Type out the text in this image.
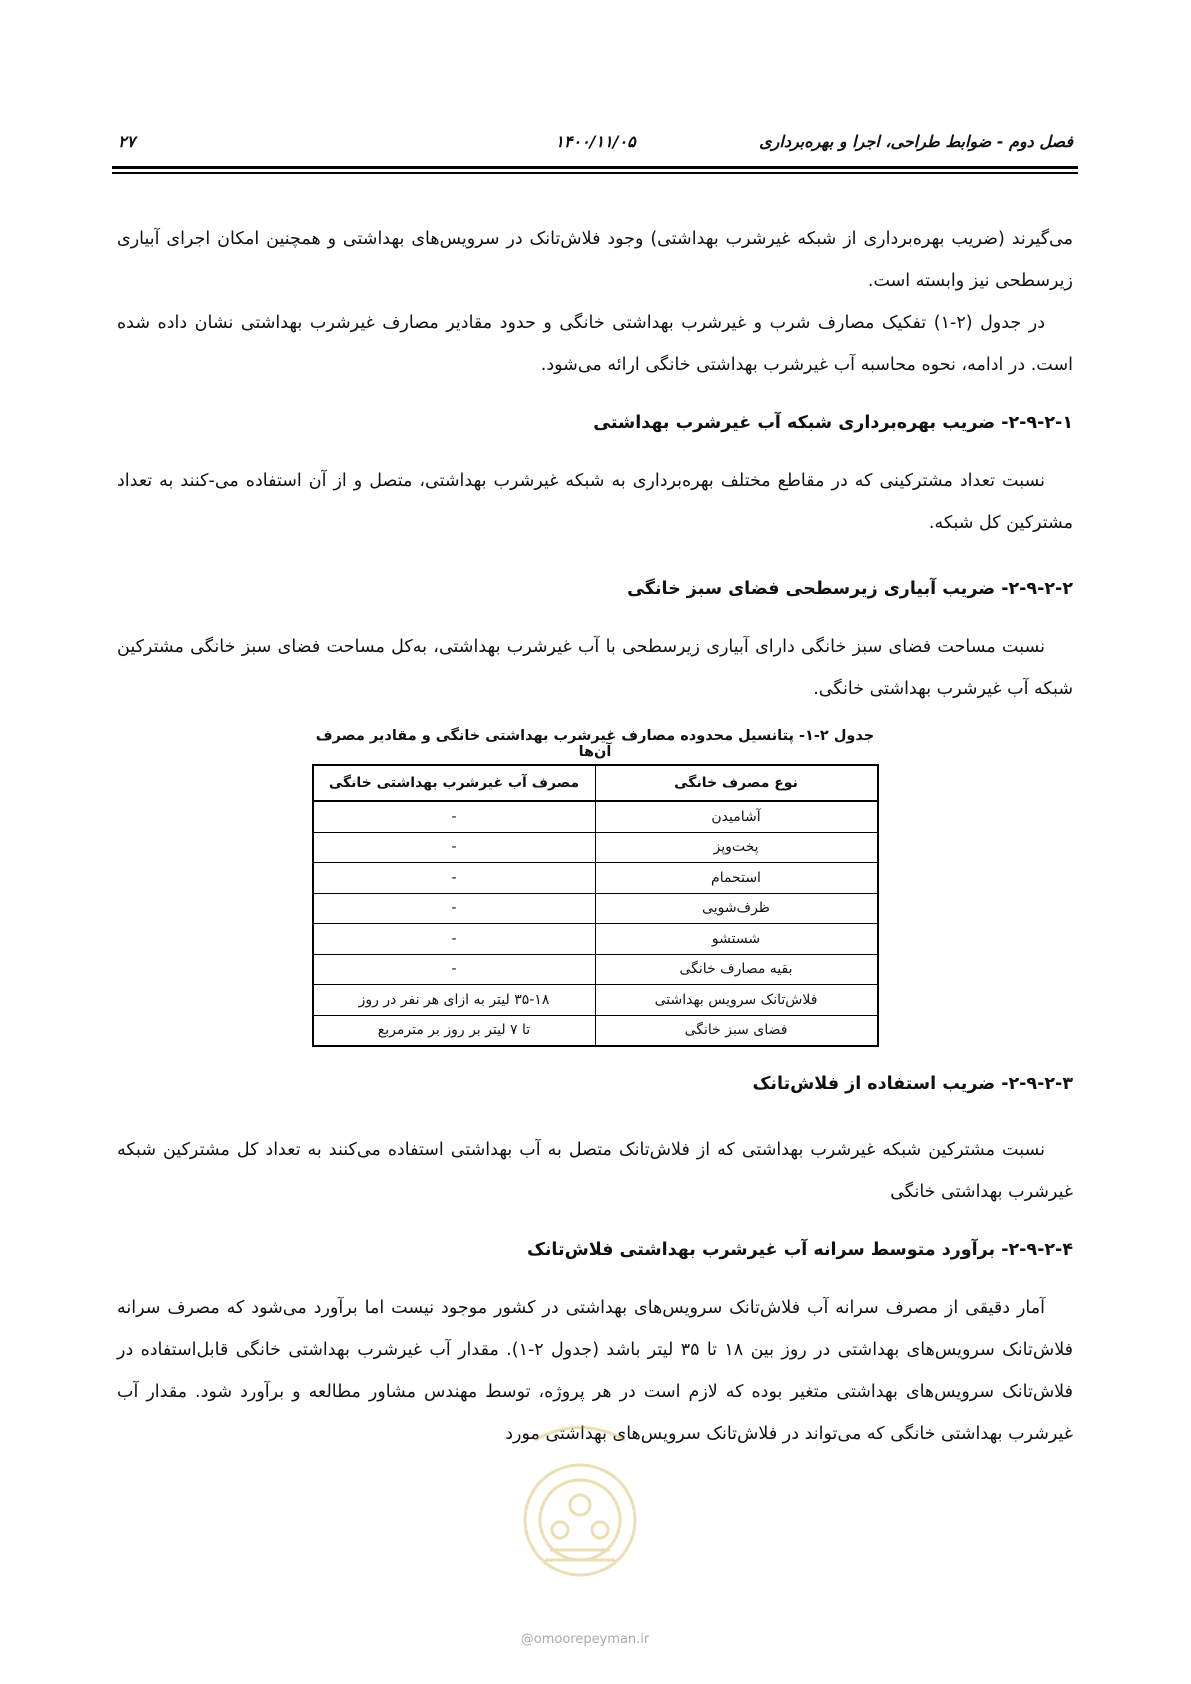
فصل دوم - ضوابط طراحی، اجرا و بهره‌برداری
۱۴۰۰/۱۱/۰۵
۲۷

می‌گیرند (ضریب بهره‌برداری از شبکه غیرشرب بهداشتی) وجود فلاش‌تانک در سرویس‌های بهداشتی و همچنین امکان اجرای آبیاری زیرسطحی نیز وابسته است.

در جدول (۲-۱) تفکیک مصارف شرب و غیرشرب بهداشتی خانگی و حدود مقادیر مصارف غیرشرب بهداشتی نشان داده شده است. در ادامه، نحوه محاسبه آب غیرشرب بهداشتی خانگی ارائه می‌شود.

۲-۹-۲-۱- ضریب بهره‌برداری شبکه آب غیرشرب بهداشتی

نسبت تعداد مشترکینی که در مقاطع مختلف بهره‌برداری به شبکه غیرشرب بهداشتی، متصل و از آن استفاده می-کنند به تعداد مشترکین کل شبکه.

۲-۹-۲-۲- ضریب آبیاری زیرسطحی فضای سبز خانگی

نسبت مساحت فضای سبز خانگی دارای آبیاری زیرسطحی با آب غیرشرب بهداشتی، به‌کل مساحت فضای سبز خانگی مشترکین شبکه آب غیرشرب بهداشتی خانگی.

جدول ۲-۱- پتانسیل محدوده مصارف غیرشرب بهداشتی خانگی و مقادیر مصرف آن‌ها
نوع مصرف خانگی	مصرف آب غیرشرب بهداشتی خانگی
آشامیدن	-
پخت‌وپز	-
استحمام	-
ظرف‌شویی	-
شستشو	-
بقیه مصارف خانگی	-
فلاش‌تانک سرویس بهداشتی	۳۵-۱۸ لیتر به ازای هر نفر در روز
فضای سبز خانگی	تا ۷ لیتر بر روز بر مترمربع
۲-۹-۲-۳- ضریب استفاده از فلاش‌تانک

نسبت مشترکین شبکه غیرشرب بهداشتی که از فلاش‌تانک متصل به آب بهداشتی استفاده می‌کنند به تعداد کل مشترکین شبکه غیرشرب بهداشتی خانگی

۲-۹-۲-۴- برآورد متوسط سرانه آب غیرشرب بهداشتی فلاش‌تانک

آمار دقیقی از مصرف سرانه آب فلاش‌تانک سرویس‌های بهداشتی در کشور موجود نیست اما برآورد می‌شود که مصرف سرانه فلاش‌تانک سرویس‌های بهداشتی در روز بین ۱۸ تا ۳۵ لیتر باشد (جدول ۲-۱). مقدار آب غیرشرب بهداشتی خانگی قابل‌استفاده در فلاش‌تانک سرویس‌های بهداشتی متغیر بوده که لازم است در هر پروژه، توسط مهندس مشاور مطالعه و برآورد شود. مقدار آب غیرشرب بهداشتی خانگی که می‌تواند در فلاش‌تانک سرویس‌های بهداشتی مورد

@omoorepeyman.ir
